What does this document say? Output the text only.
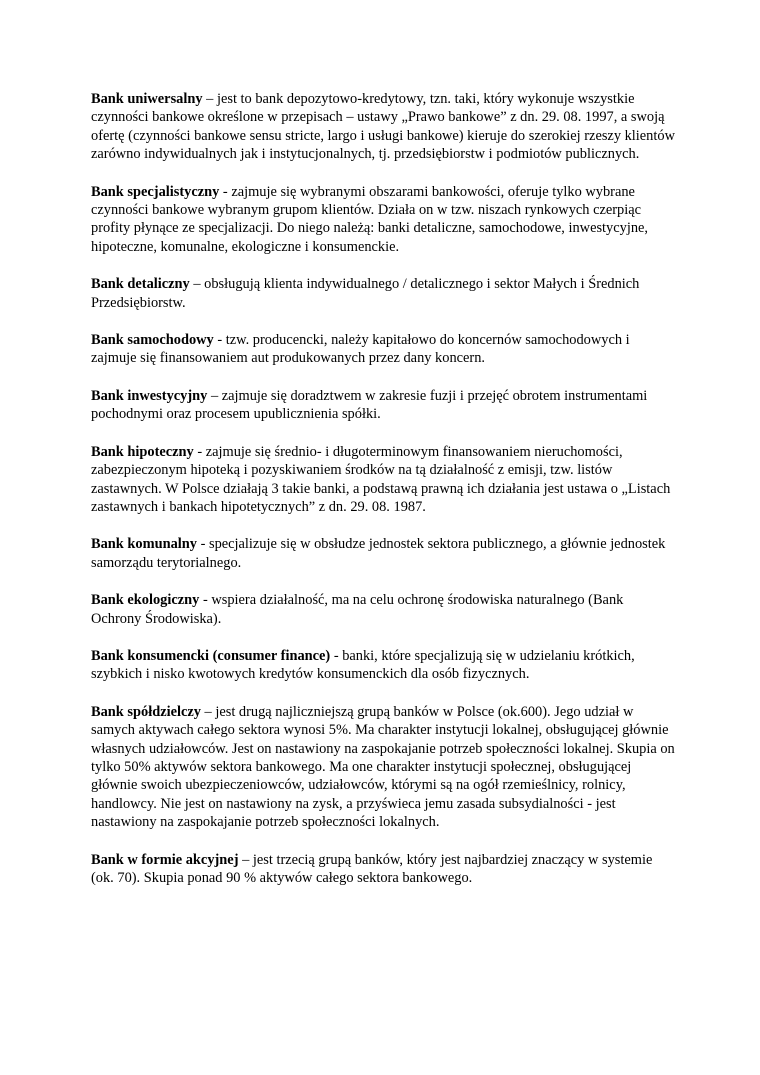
Bank uniwersalny – jest to bank depozytowo-kredytowy, tzn. taki, który wykonuje wszystkie czynności bankowe określone w przepisach – ustawy „Prawo bankowe” z dn. 29. 08. 1997, a swoją ofertę (czynności bankowe sensu stricte, largo i usługi bankowe) kieruje do szerokiej rzeszy klientów zarówno indywidualnych jak i instytucjonalnych, tj. przedsiębiorstw i podmiotów publicznych.

Bank specjalistyczny - zajmuje się wybranymi obszarami bankowości, oferuje tylko wybrane czynności bankowe wybranym grupom klientów. Działa on w tzw. niszach rynkowych czerpiąc profity płynące ze specjalizacji. Do niego należą: banki detaliczne, samochodowe, inwestycyjne, hipoteczne, komunalne, ekologiczne i konsumenckie.

Bank detaliczny – obsługują klienta indywidualnego / detalicznego i sektor Małych i Średnich Przedsiębiorstw.

Bank samochodowy - tzw. producencki, należy kapitałowo do koncernów samochodowych i zajmuje się finansowaniem aut produkowanych przez dany koncern.

Bank inwestycyjny – zajmuje się doradztwem w zakresie fuzji i przejęć obrotem instrumentami pochodnymi oraz procesem upublicznienia spółki.

Bank hipoteczny - zajmuje się średnio- i długoterminowym finansowaniem nieruchomości, zabezpieczonym hipoteką i pozyskiwaniem środków na tą działalność z emisji, tzw. listów zastawnych. W Polsce działają 3 takie banki, a podstawą prawną ich działania jest ustawa o „Listach zastawnych i bankach hipotetycznych” z dn. 29. 08. 1987.

Bank komunalny - specjalizuje się w obsłudze jednostek sektora publicznego, a głównie jednostek samorządu terytorialnego.

Bank ekologiczny - wspiera działalność, ma na celu ochronę środowiska naturalnego (Bank Ochrony Środowiska).

Bank konsumencki (consumer finance) - banki, które specjalizują się w udzielaniu krótkich, szybkich i nisko kwotowych kredytów konsumenckich dla osób fizycznych.

Bank spółdzielczy – jest drugą najliczniejszą grupą banków w Polsce (ok.600). Jego udział w samych aktywach całego sektora wynosi 5%. Ma charakter instytucji lokalnej, obsługującej głównie własnych udziałowców. Jest on nastawiony na zaspokajanie potrzeb społeczności lokalnej. Skupia on tylko 50% aktywów sektora bankowego. Ma one charakter instytucji społecznej, obsługującej głównie swoich ubezpieczeniowców, udziałowców, którymi są na ogół rzemieślnicy, rolnicy, handlowcy. Nie jest on nastawiony na zysk, a przyświeca jemu zasada subsydialności - jest nastawiony na zaspokajanie potrzeb społeczności lokalnych.

Bank w formie akcyjnej – jest trzecią grupą banków, który jest najbardziej znaczący w systemie (ok. 70). Skupia ponad 90 % aktywów całego sektora bankowego.
